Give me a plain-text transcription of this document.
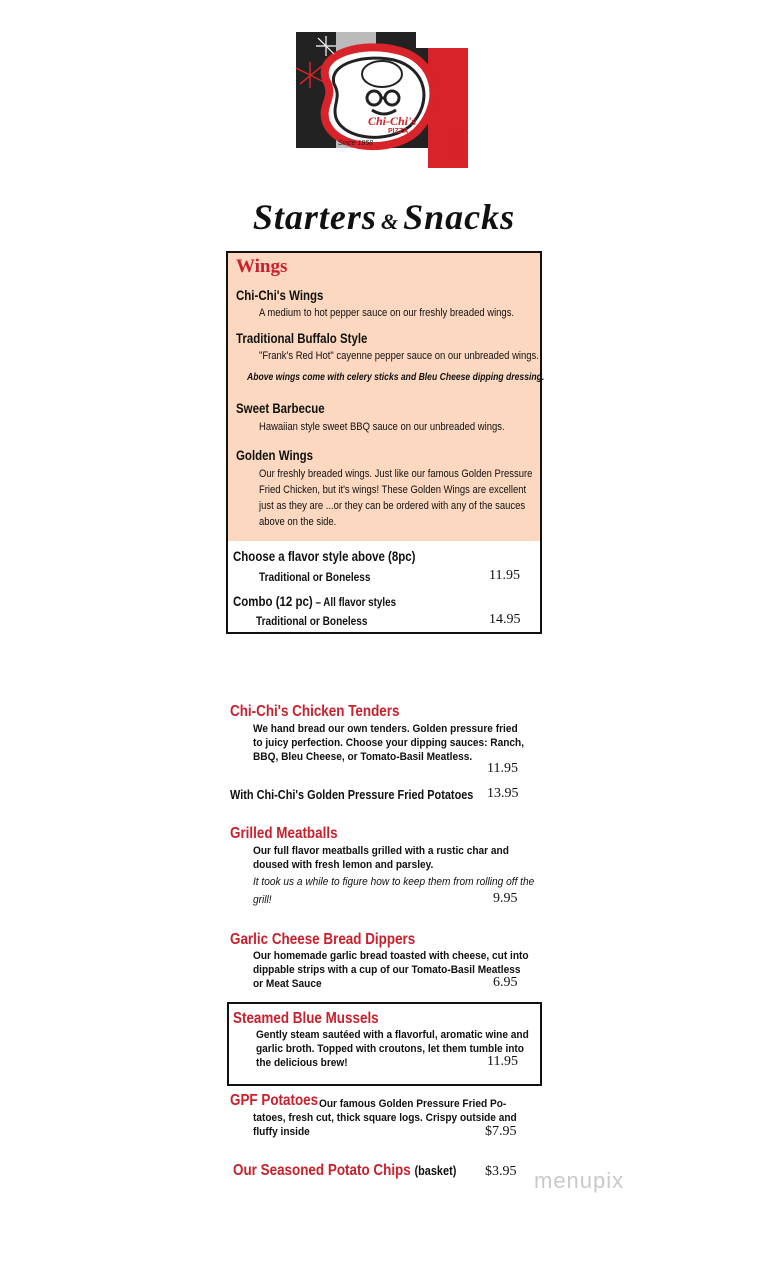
Chi-Chi's
PIZZA
Since 1958
Starters & Snacks
Wings
Chi-Chi's Wings
A medium to hot pepper sauce on our freshly breaded wings.
Traditional Buffalo Style
"Frank's Red Hot" cayenne pepper sauce on our unbreaded wings.
Above wings come with celery sticks and Bleu Cheese dipping dressing.
Sweet Barbecue
Hawaiian style sweet BBQ sauce on our unbreaded wings.
Golden Wings
Our freshly breaded wings. Just like our famous Golden Pressure Fried Chicken, but it's wings! These Golden Wings are excellent just as they are ...or they can be ordered with any of the sauces above on the side.
Choose a flavor style above (8pc)
Traditional or Boneless	11.95
Combo (12 pc) – All flavor styles
Traditional or Boneless	14.95
Chi-Chi's Chicken Tenders
We hand bread our own tenders. Golden pressure fried to juicy perfection. Choose your dipping sauces: Ranch, BBQ, Bleu Cheese, or Tomato-Basil Meatless.
11.95
With Chi-Chi's Golden Pressure Fried Potatoes 13.95
Grilled Meatballs
Our full flavor meatballs grilled with a rustic char and doused with fresh lemon and parsley.
It took us a while to figure how to keep them from rolling off the grill!	9.95
Garlic Cheese Bread Dippers
Our homemade garlic bread toasted with cheese, cut into dippable strips with a cup of our Tomato-Basil Meatless or Meat Sauce	6.95
Steamed Blue Mussels
Gently steam sautéed with a flavorful, aromatic wine and garlic broth. Topped with croutons, let them tumble into the delicious brew!	11.95
GPF Potatoes Our famous Golden Pressure Fried Po-
tatoes, fresh cut, thick square logs. Crispy outside and fluffy inside	$7.95
Our Seasoned Potato Chips (basket) $3.95 menupix
